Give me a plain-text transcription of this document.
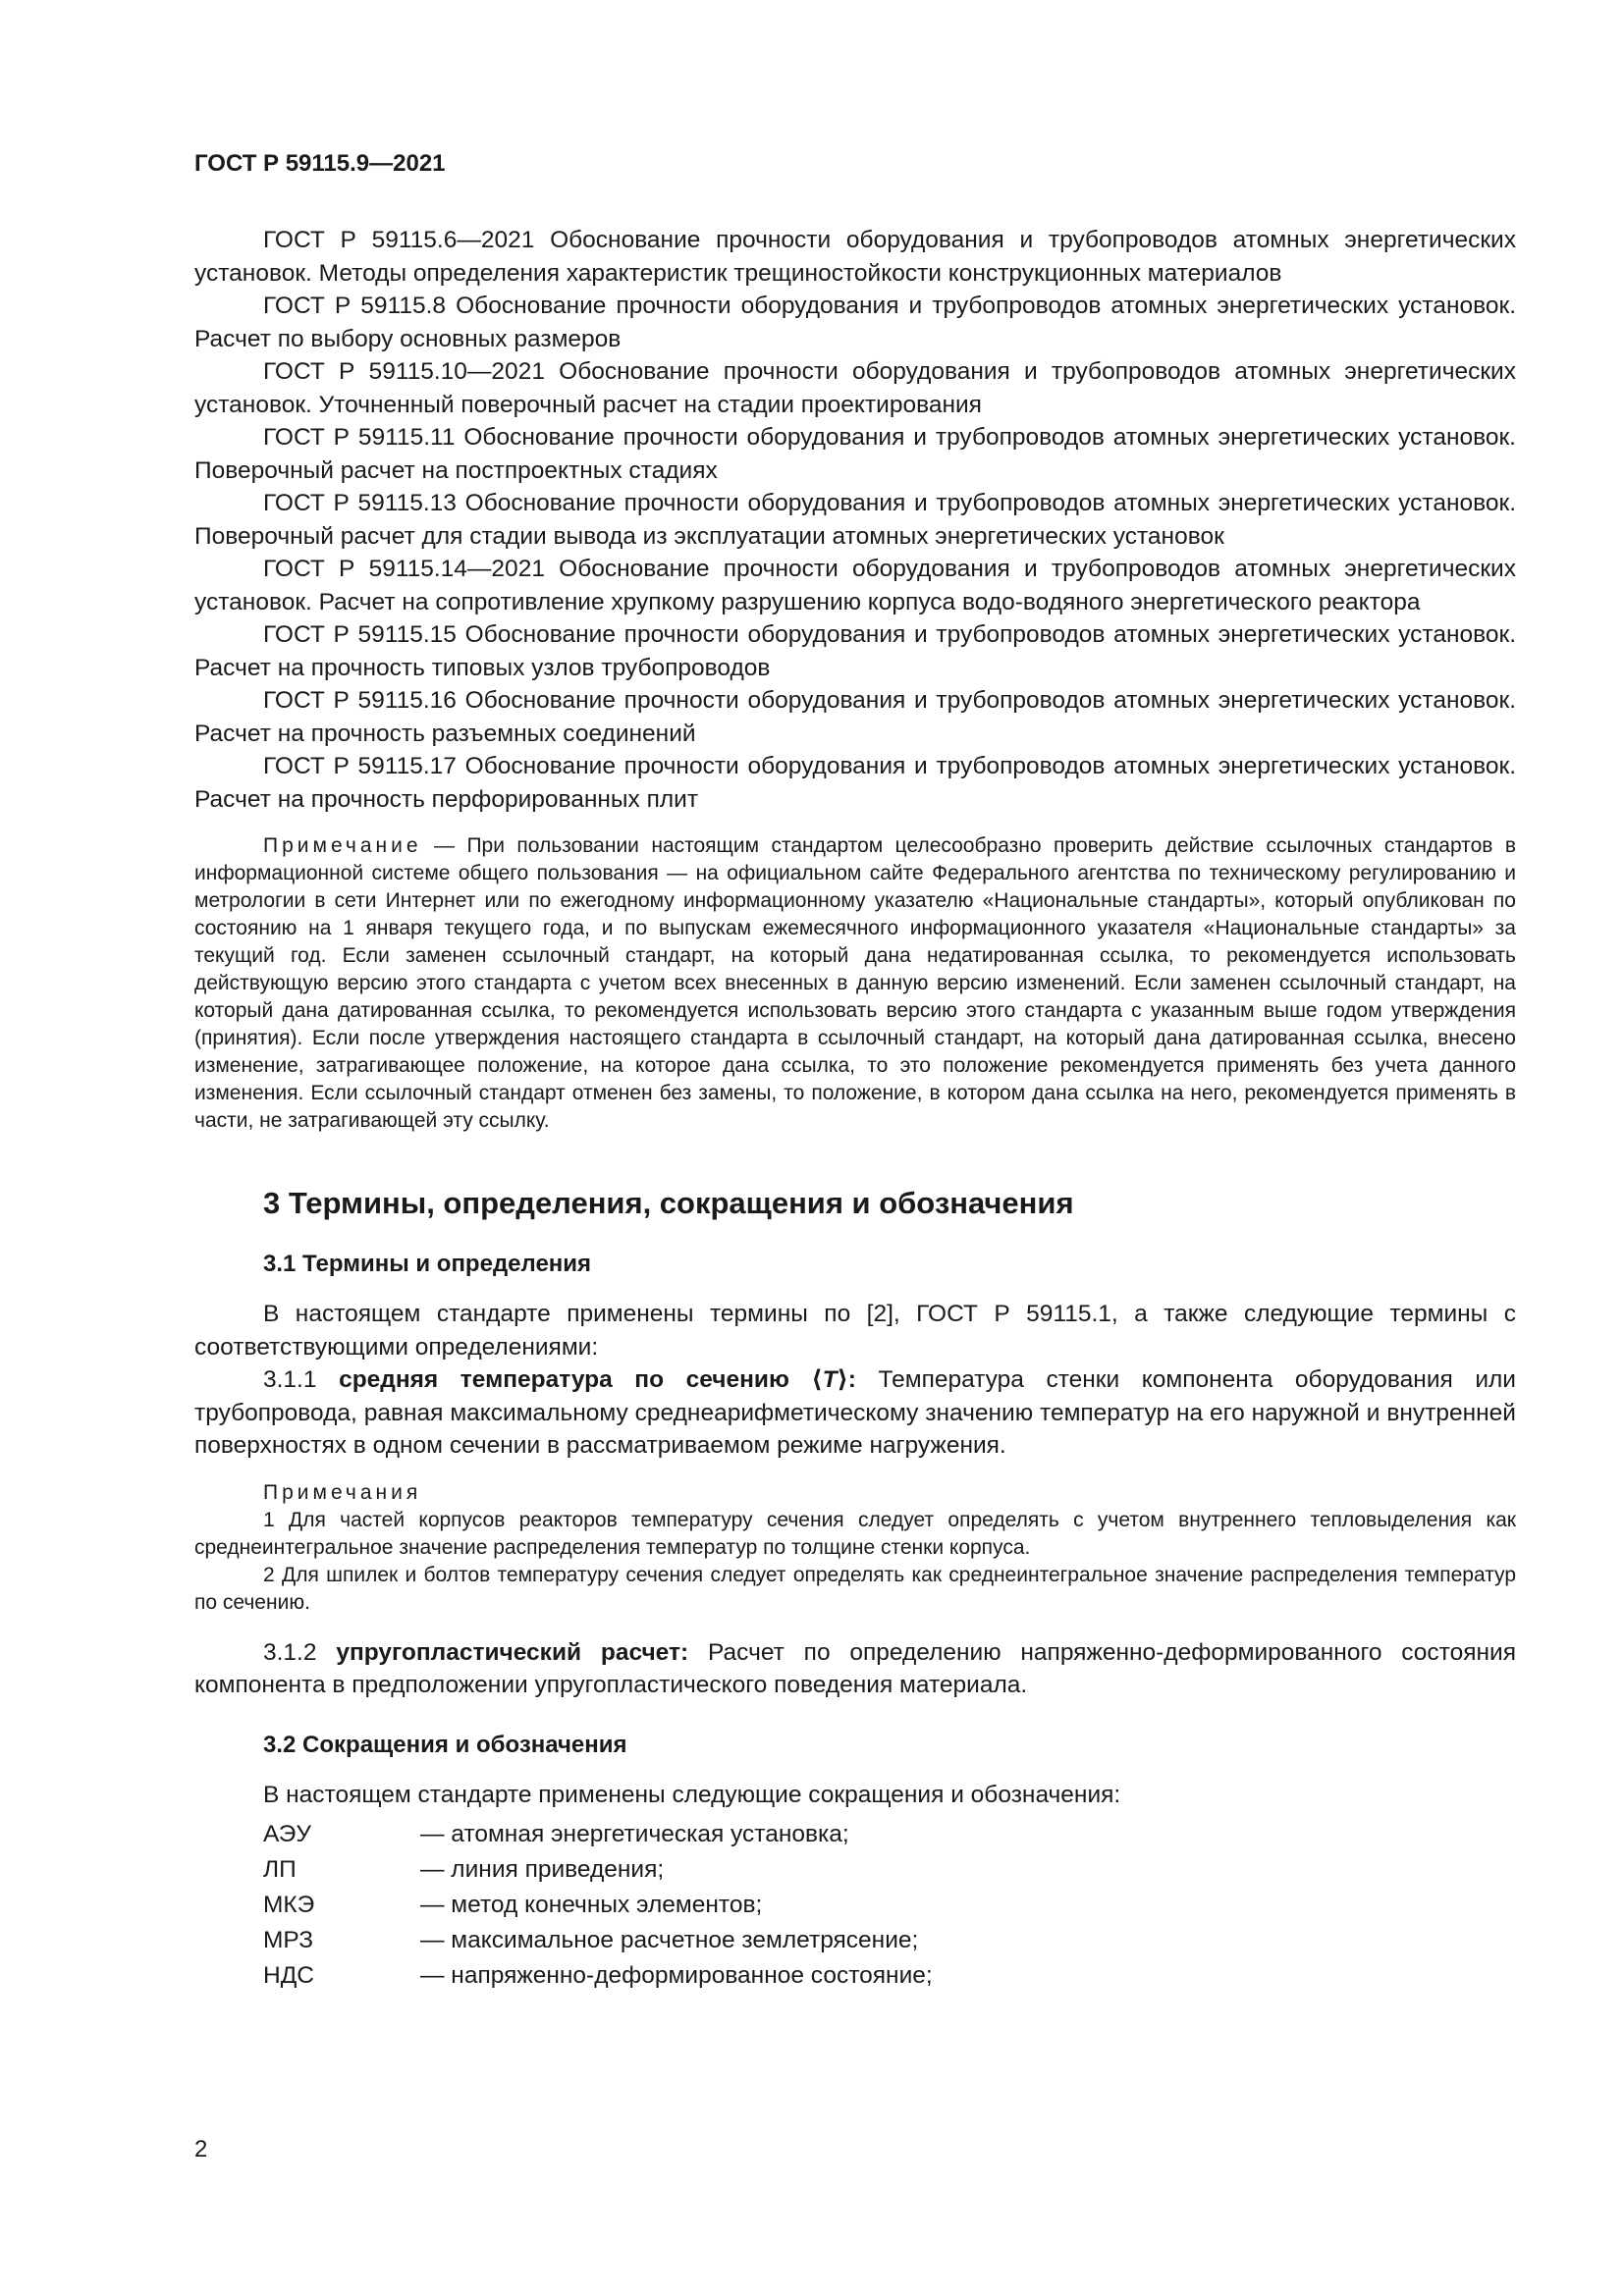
ГОСТ Р 59115.9—2021

ГОСТ Р 59115.6—2021 Обоснование прочности оборудования и трубопроводов атомных энергетических установок. Методы определения характеристик трещиностойкости конструкционных материалов

ГОСТ Р 59115.8 Обоснование прочности оборудования и трубопроводов атомных энергетических установок. Расчет по выбору основных размеров

ГОСТ Р 59115.10—2021 Обоснование прочности оборудования и трубопроводов атомных энергетических установок. Уточненный поверочный расчет на стадии проектирования

ГОСТ Р 59115.11 Обоснование прочности оборудования и трубопроводов атомных энергетических установок. Поверочный расчет на постпроектных стадиях

ГОСТ Р 59115.13 Обоснование прочности оборудования и трубопроводов атомных энергетических установок. Поверочный расчет для стадии вывода из эксплуатации атомных энергетических установок

ГОСТ Р 59115.14—2021 Обоснование прочности оборудования и трубопроводов атомных энергетических установок. Расчет на сопротивление хрупкому разрушению корпуса водо-водяного энергетического реактора

ГОСТ Р 59115.15 Обоснование прочности оборудования и трубопроводов атомных энергетических установок. Расчет на прочность типовых узлов трубопроводов

ГОСТ Р 59115.16 Обоснование прочности оборудования и трубопроводов атомных энергетических установок. Расчет на прочность разъемных соединений

ГОСТ Р 59115.17 Обоснование прочности оборудования и трубопроводов атомных энергетических установок. Расчет на прочность перфорированных плит

Примечание — При пользовании настоящим стандартом целесообразно проверить действие ссылочных стандартов в информационной системе общего пользования — на официальном сайте Федерального агентства по техническому регулированию и метрологии в сети Интернет или по ежегодному информационному указателю «Национальные стандарты», который опубликован по состоянию на 1 января текущего года, и по выпускам ежемесячного информационного указателя «Национальные стандарты» за текущий год. Если заменен ссылочный стандарт, на который дана недатированная ссылка, то рекомендуется использовать действующую версию этого стандарта с учетом всех внесенных в данную версию изменений. Если заменен ссылочный стандарт, на который дана датированная ссылка, то рекомендуется использовать версию этого стандарта с указанным выше годом утверждения (принятия). Если после утверждения настоящего стандарта в ссылочный стандарт, на который дана датированная ссылка, внесено изменение, затрагивающее положение, на которое дана ссылка, то это положение рекомендуется применять без учета данного изменения. Если ссылочный стандарт отменен без замены, то положение, в котором дана ссылка на него, рекомендуется применять в части, не затрагивающей эту ссылку.

3 Термины, определения, сокращения и обозначения
3.1 Термины и определения

В настоящем стандарте применены термины по [2], ГОСТ Р 59115.1, а также следующие термины с соответствующими определениями:

3.1.1 средняя температура по сечению ⟨T⟩: Температура стенки компонента оборудования или трубопровода, равная максимальному среднеарифметическому значению температур на его наружной и внутренней поверхностях в одном сечении в рассматриваемом режиме нагружения.

Примечания

1 Для частей корпусов реакторов температуру сечения следует определять с учетом внутреннего тепловыделения как среднеинтегральное значение распределения температур по толщине стенки корпуса.

2 Для шпилек и болтов температуру сечения следует определять как среднеинтегральное значение распределения температур по сечению.

3.1.2 упругопластический расчет: Расчет по определению напряженно-деформированного состояния компонента в предположении упругопластического поведения материала.

3.2 Сокращения и обозначения

В настоящем стандарте применены следующие сокращения и обозначения:

АЭУ	— атомная энергетическая установка;
ЛП	— линия приведения;
МКЭ	— метод конечных элементов;
МРЗ	— максимальное расчетное землетрясение;
НДС	— напряженно-деформированное состояние;
2
